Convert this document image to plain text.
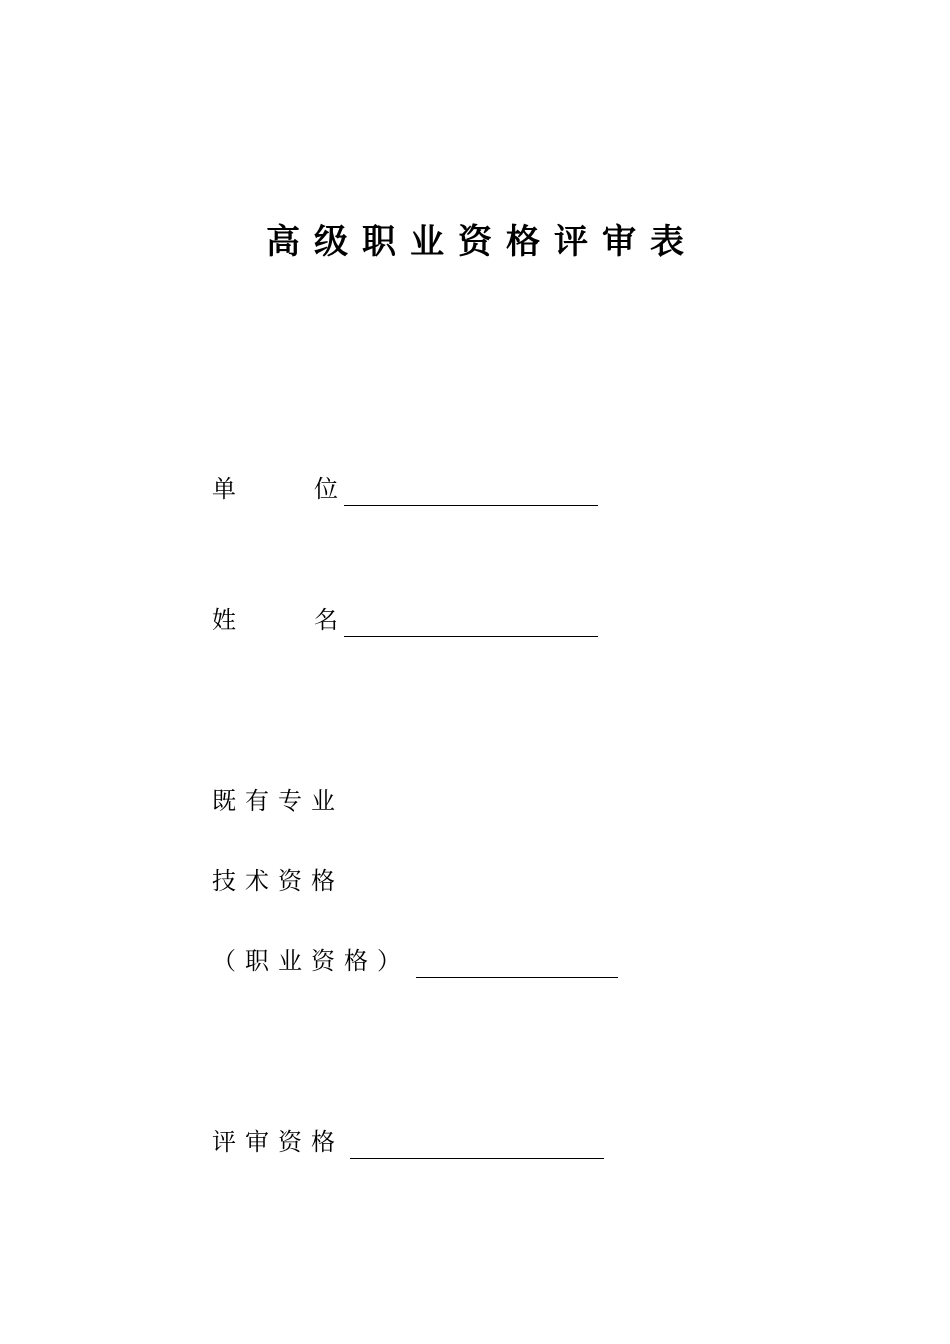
高级职业资格评审表
单 位
姓 名
既有专业
技术资格
（职业资格）
评审资格
